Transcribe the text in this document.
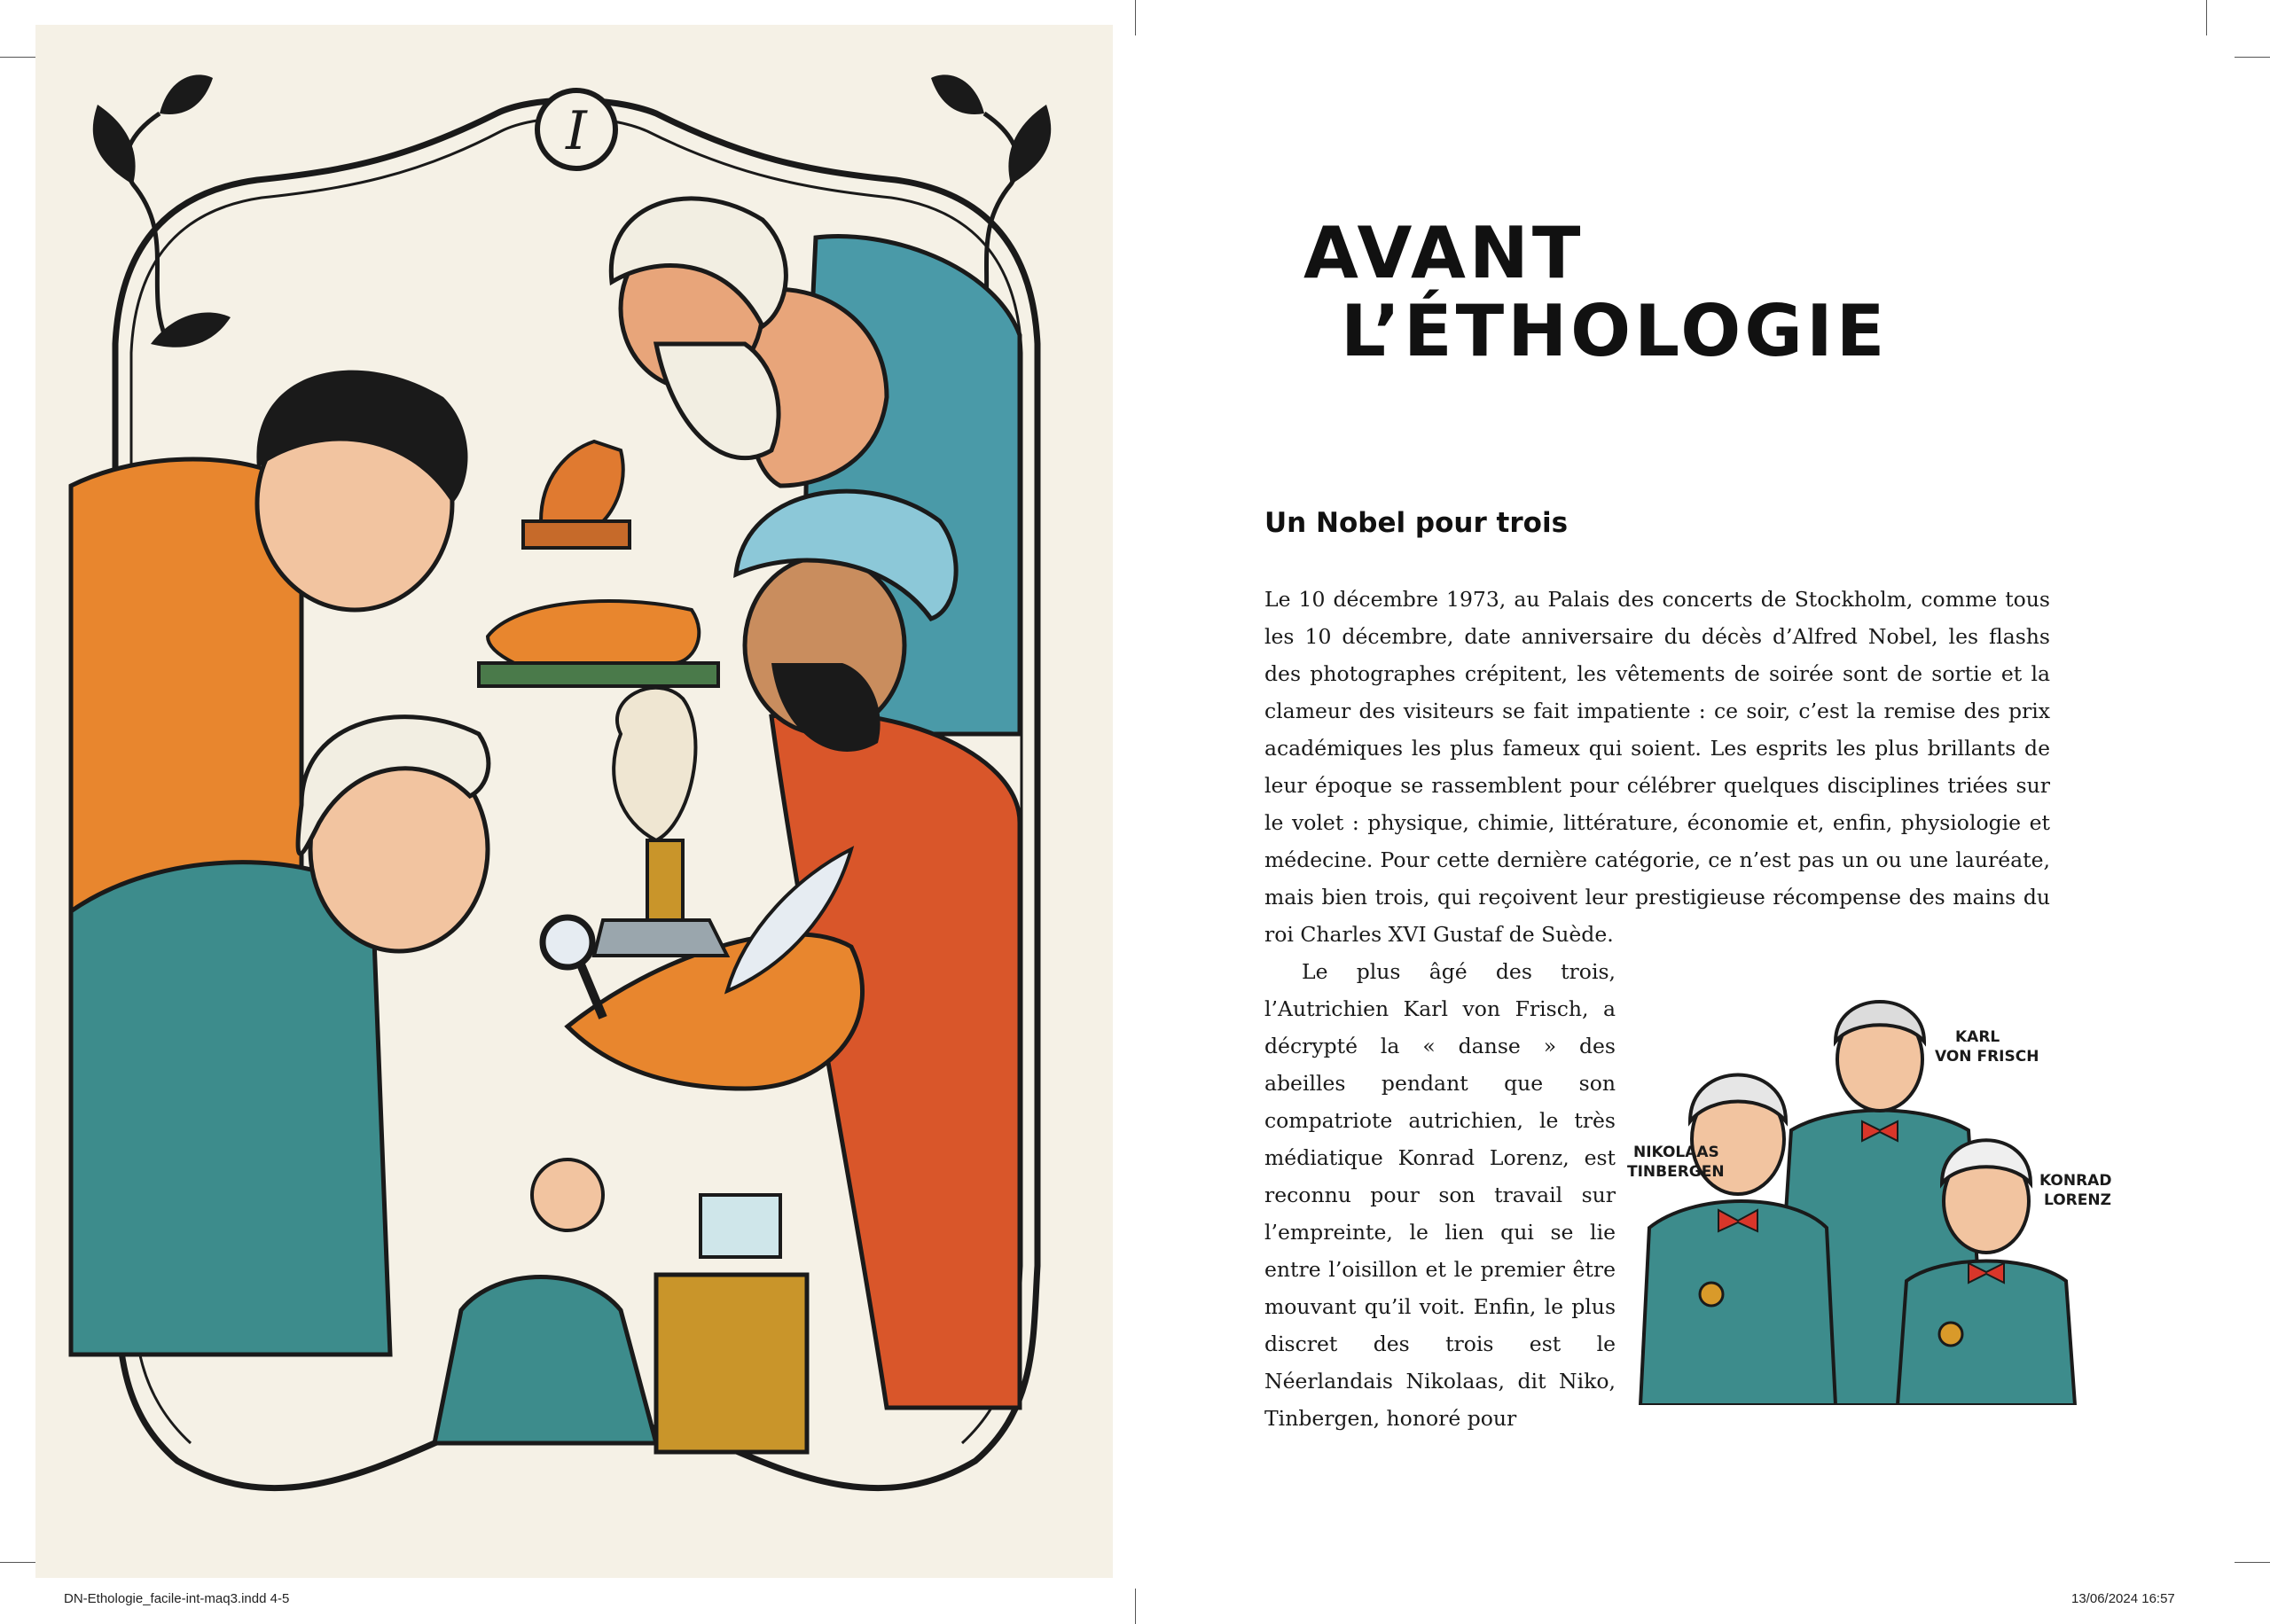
I
AVANT
L’ÉTHOLOGIE
Un Nobel pour trois

Le 10 décembre 1973, au Palais des concerts de Stockholm, comme tous les 10 décembre, date anniversaire du décès d’Alfred Nobel, les flashs des photographes crépitent, les vêtements de soirée sont de sortie et la clameur des visiteurs se fait impatiente : ce soir, c’est la remise des prix académiques les plus fameux qui soient. Les esprits les plus brillants de leur époque se rassemblent pour célébrer quelques disciplines triées sur le volet : physique, chimie, littérature, économie et, enfin, physiologie et médecine. Pour cette dernière catégorie, ce n’est pas un ou une lauréate, mais bien trois, qui reçoivent leur prestigieuse récompense des mains du roi Charles XVI Gustaf de Suède.

Le plus âgé des trois, l’Autrichien Karl von Frisch, a décrypté la « danse » des abeilles pendant que son compatriote autrichien, le très médiatique Konrad Lorenz, est reconnu pour son travail sur l’empreinte, le lien qui se lie entre l’oisillon et le premier être mouvant qu’il voit. Enfin, le plus discret des trois est le Néerlandais Nikolaas, dit Niko, Tinbergen, honoré pour

KARL
VON FRISCH
NIKOLAAS
TINBERGEN	KONRAD
LORENZ
DN-Ethologie_facile-int-maq3.indd 4-5	13/06/2024 16:57
